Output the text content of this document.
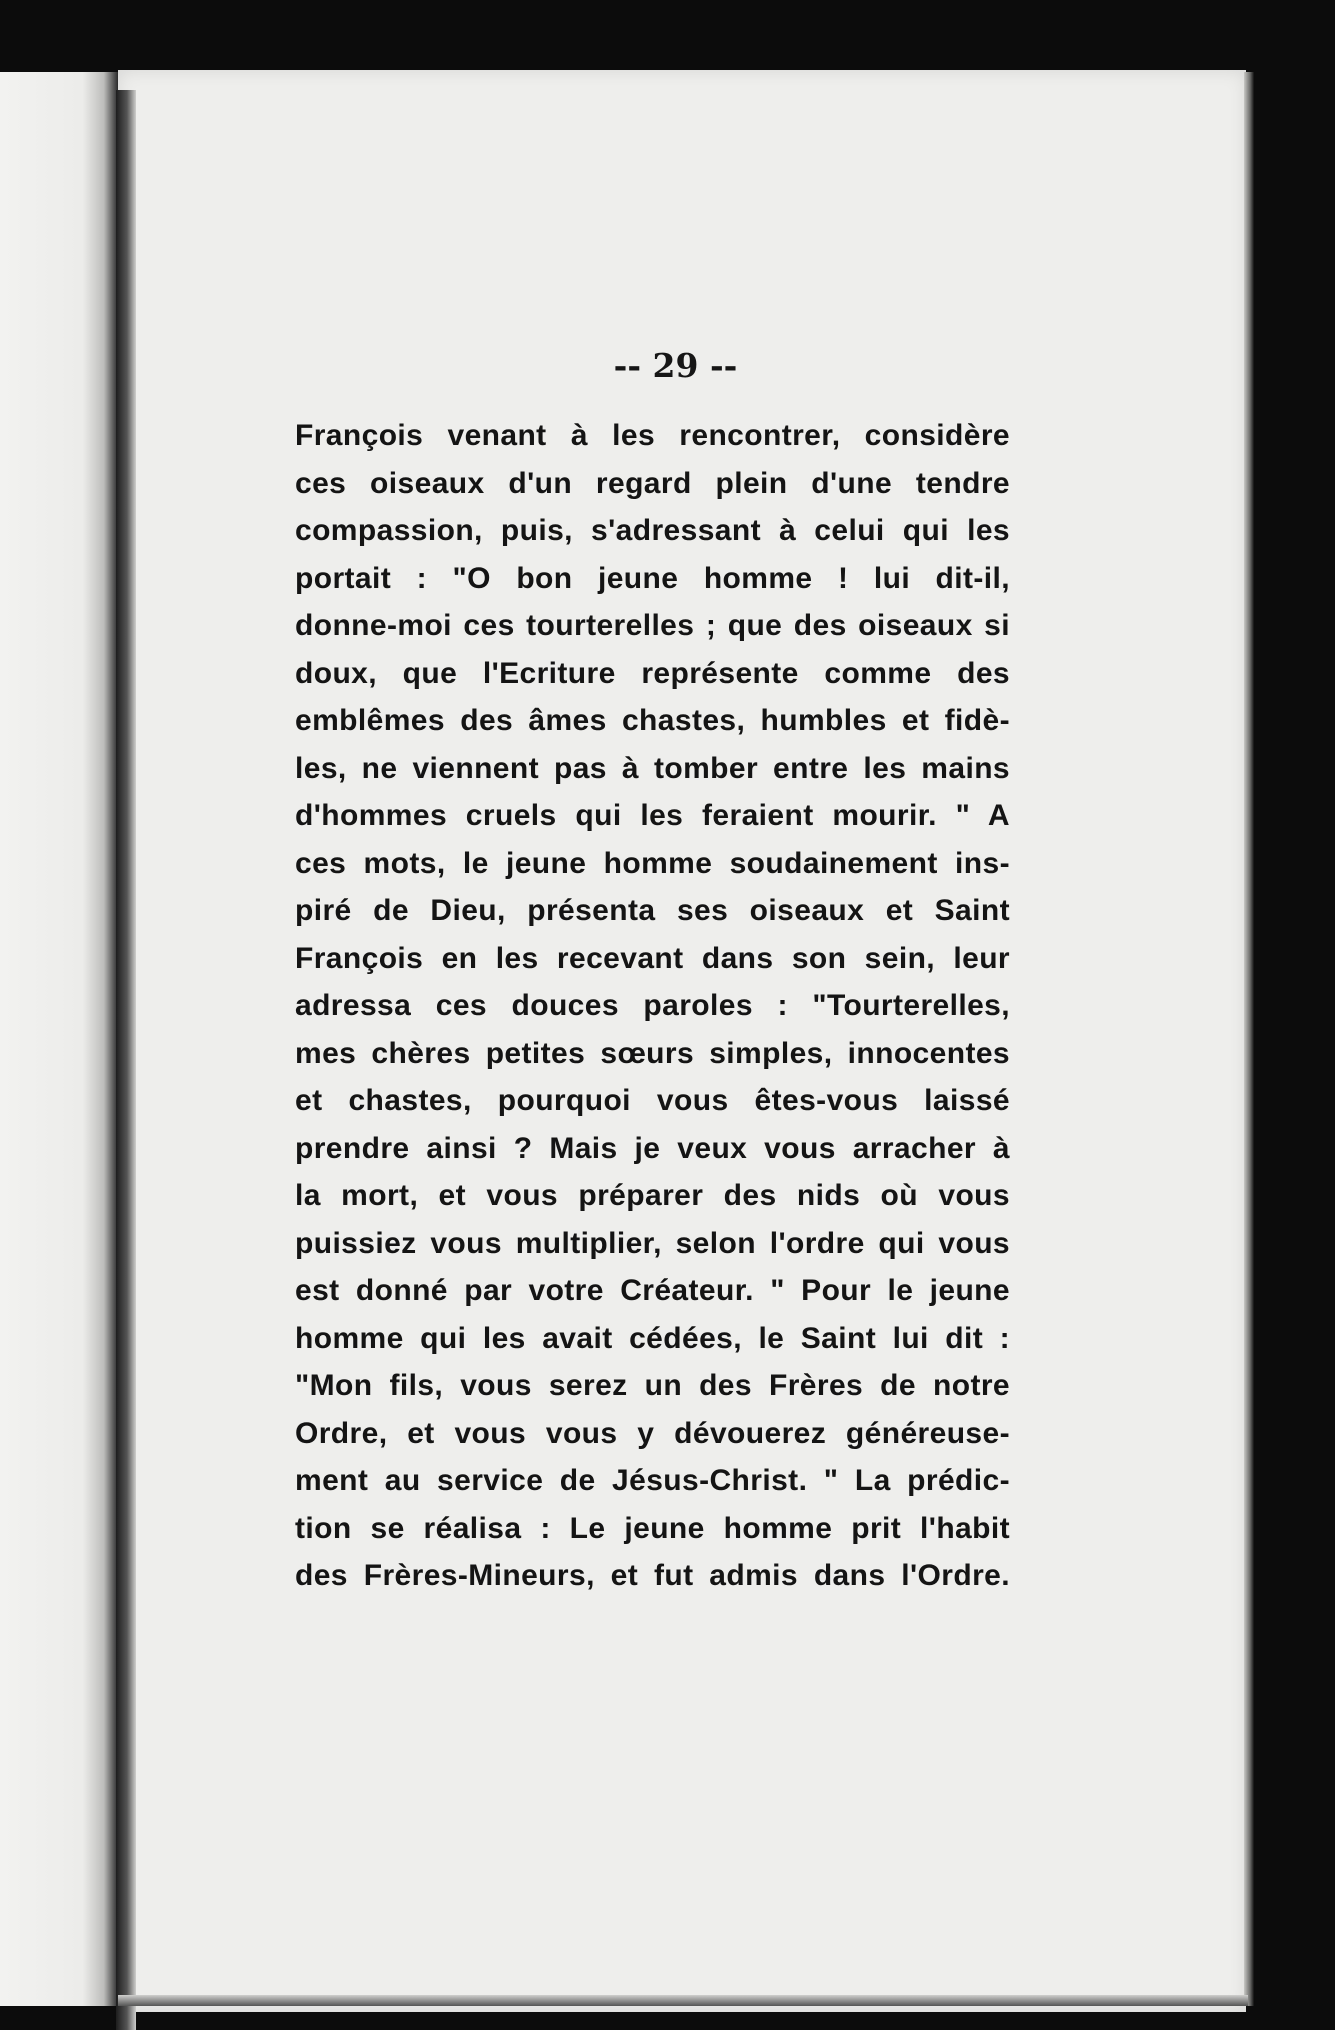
-- 29 --
François venant à les rencontrer, considère
ces oiseaux d'un regard plein d'une tendre
compassion, puis, s'adressant à celui qui les
portait : "O bon jeune homme ! lui dit-il,
donne-moi ces tourterelles ; que des oiseaux si
doux, que l'Ecriture représente comme des
emblêmes des âmes chastes, humbles et fidè-
les, ne viennent pas à tomber entre les mains
d'hommes cruels qui les feraient mourir. " A
ces mots, le jeune homme soudainement ins-
piré de Dieu, présenta ses oiseaux et Saint
François en les recevant dans son sein, leur
adressa ces douces paroles : "Tourterelles,
mes chères petites sœurs simples, innocentes
et chastes, pourquoi vous êtes-vous laissé
prendre ainsi ? Mais je veux vous arracher à
la mort, et vous préparer des nids où vous
puissiez vous multiplier, selon l'ordre qui vous
est donné par votre Créateur. " Pour le jeune
homme qui les avait cédées, le Saint lui dit :
"Mon fils, vous serez un des Frères de notre
Ordre, et vous vous y dévouerez généreuse-
ment au service de Jésus-Christ. " La prédic-
tion se réalisa : Le jeune homme prit l'habit
des Frères-Mineurs, et fut admis dans l'Ordre.
